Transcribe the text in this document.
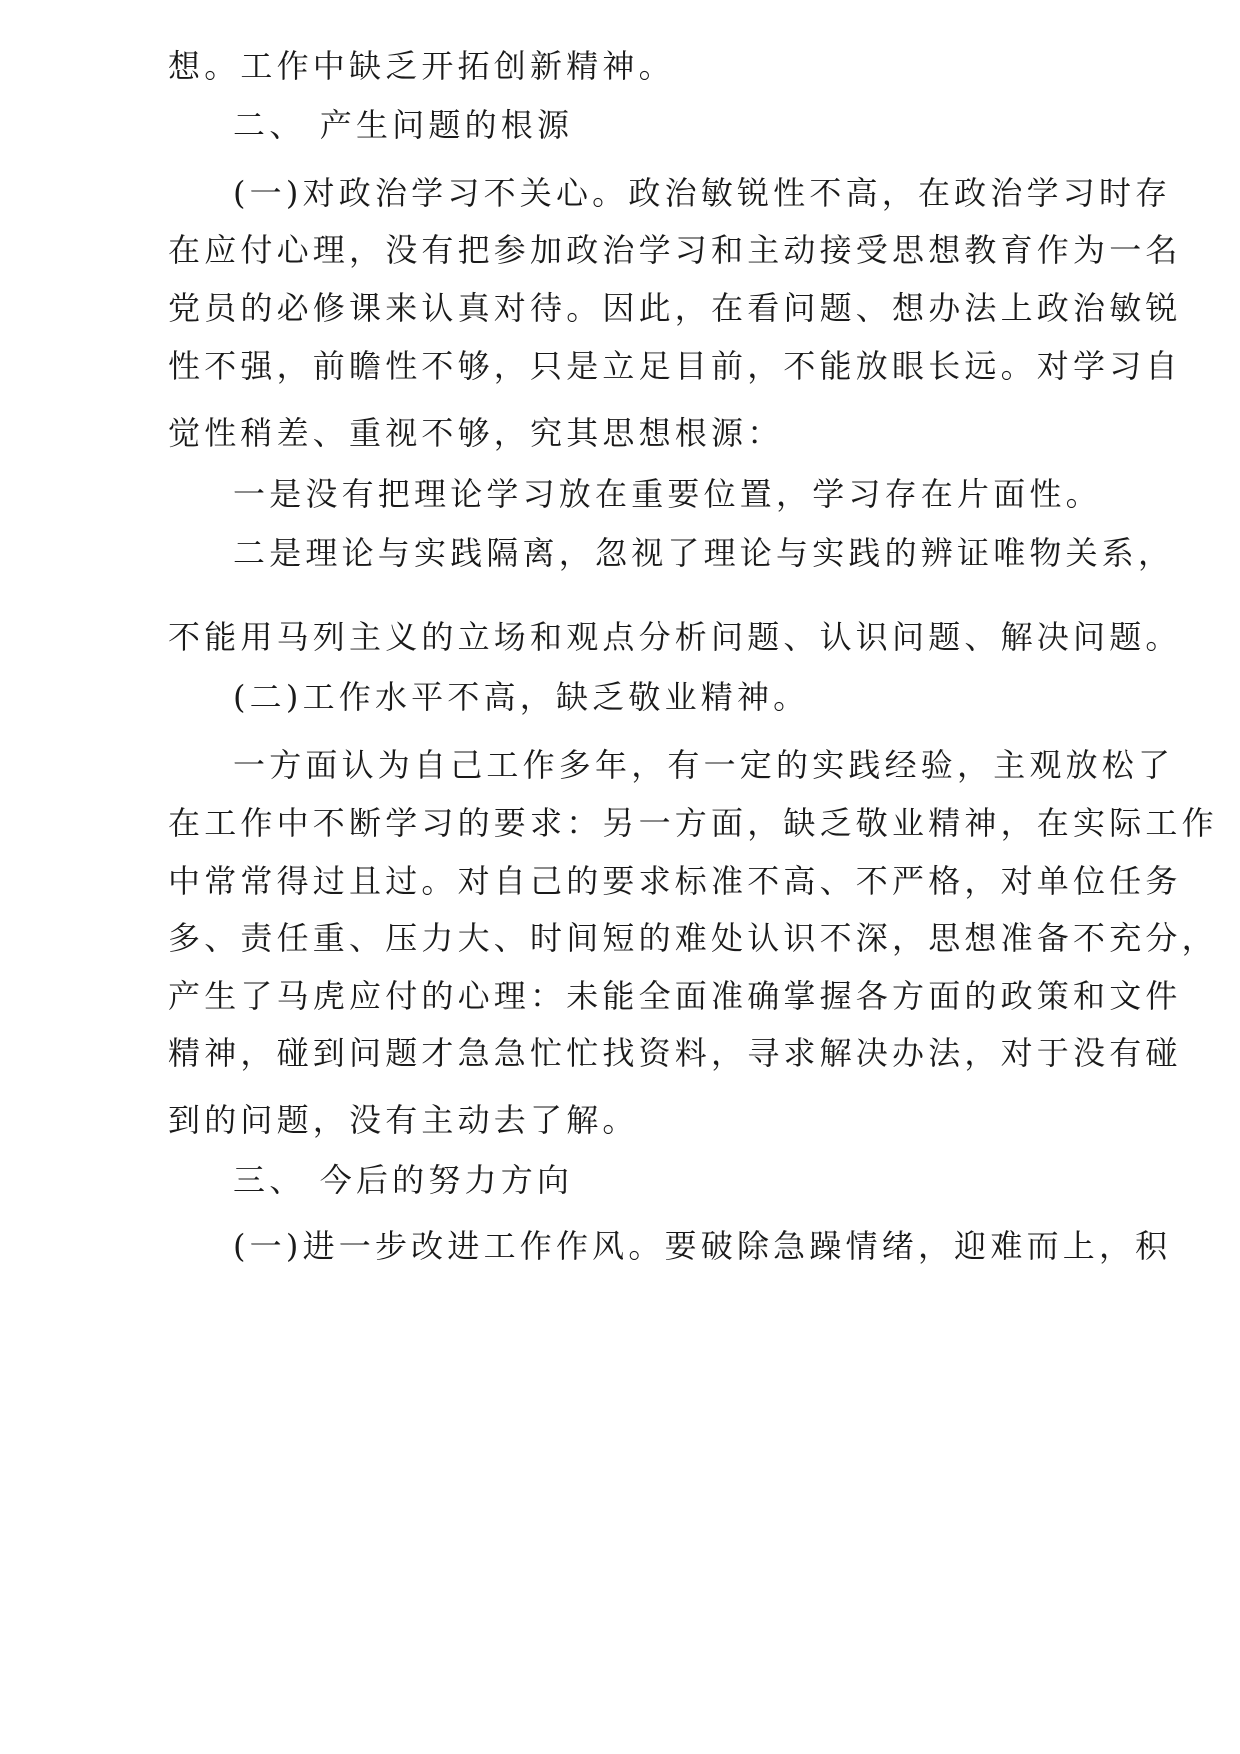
想。工作中缺乏开拓创新精神。
二、 产生问题的根源
(一)对政治学习不关心。政治敏锐性不高，在政治学习时存
在应付心理，没有把参加政治学习和主动接受思想教育作为一名
党员的必修课来认真对待。因此，在看问题、想办法上政治敏锐
性不强，前瞻性不够，只是立足目前，不能放眼长远。对学习自
觉性稍差、重视不够，究其思想根源：
一是没有把理论学习放在重要位置，学习存在片面性。
二是理论与实践隔离，忽视了理论与实践的辨证唯物关系，
不能用马列主义的立场和观点分析问题、认识问题、解决问题。
(二)工作水平不高，缺乏敬业精神。
一方面认为自己工作多年，有一定的实践经验，主观放松了
在工作中不断学习的要求：另一方面，缺乏敬业精神，在实际工作
中常常得过且过。对自己的要求标准不高、不严格，对单位任务
多、责任重、压力大、时间短的难处认识不深，思想准备不充分，
产生了马虎应付的心理：未能全面准确掌握各方面的政策和文件
精神，碰到问题才急急忙忙找资料，寻求解决办法，对于没有碰
到的问题，没有主动去了解。
三、 今后的努力方向
(一)进一步改进工作作风。要破除急躁情绪，迎难而上，积
